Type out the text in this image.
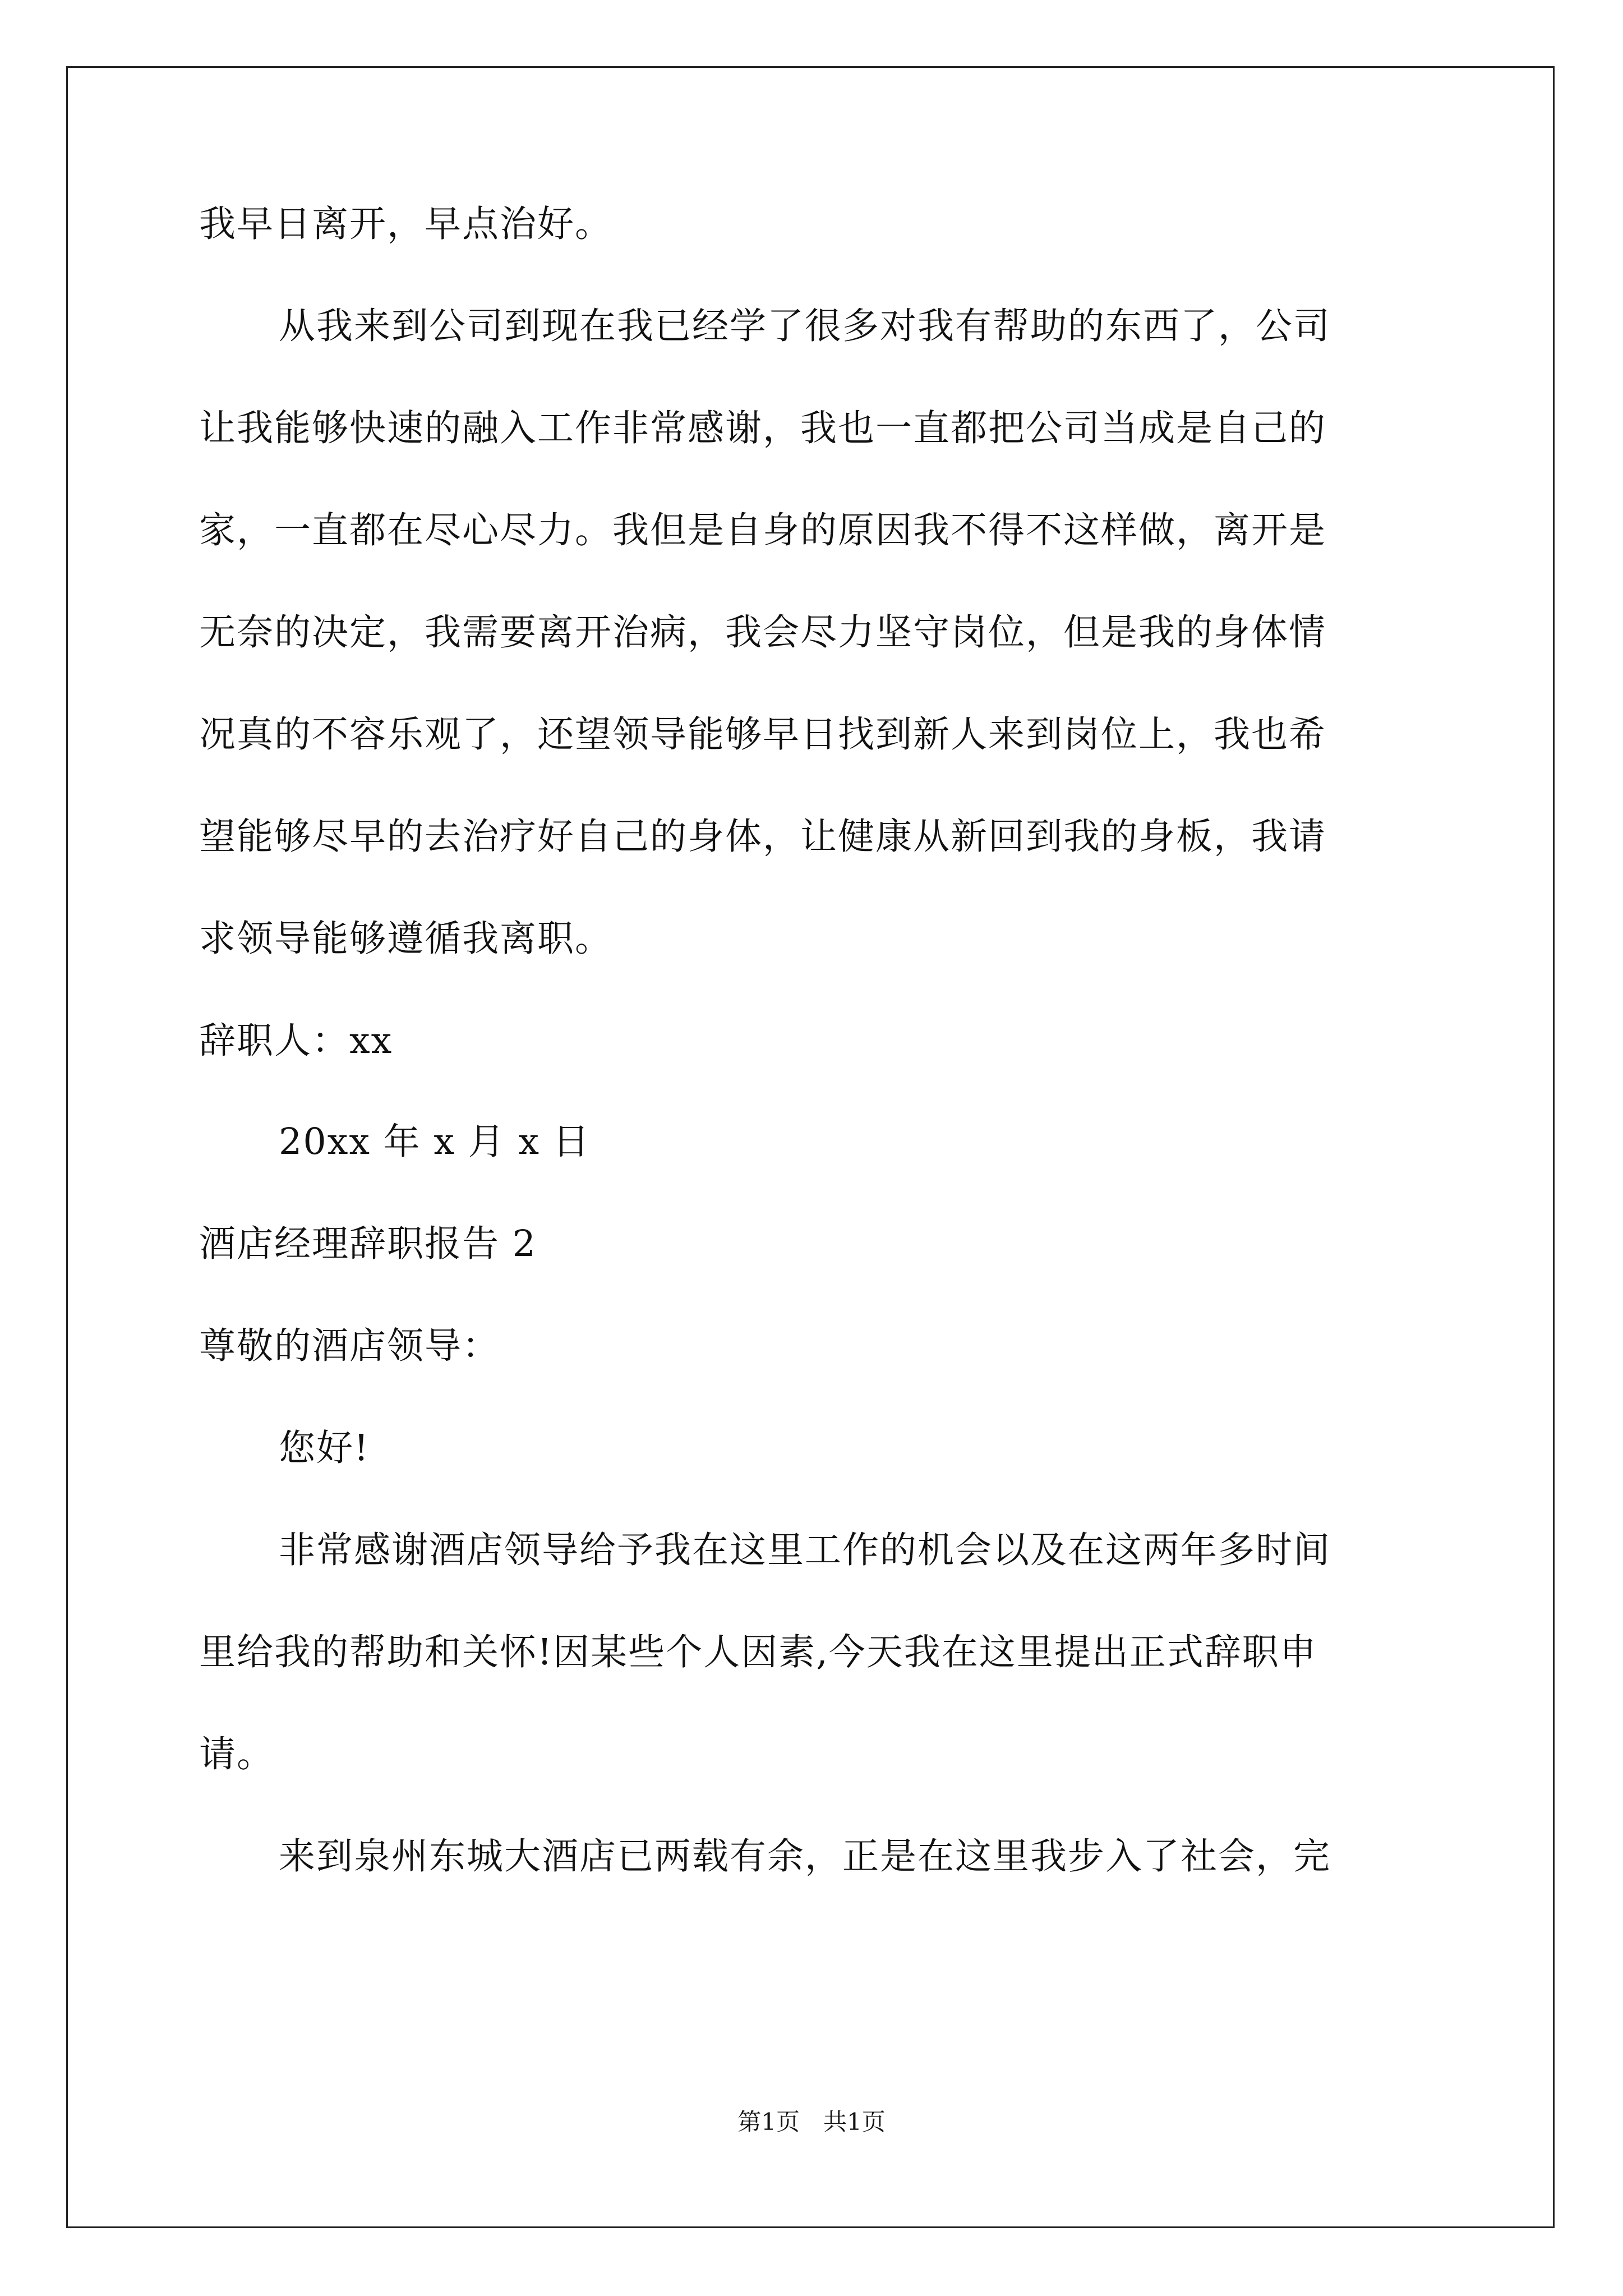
我早日离开，早点治好。
从我来到公司到现在我已经学了很多对我有帮助的东西了，公司
让我能够快速的融入工作非常感谢，我也一直都把公司当成是自己的
家，一直都在尽心尽力。我但是自身的原因我不得不这样做，离开是
无奈的决定，我需要离开治病，我会尽力坚守岗位，但是我的身体情
况真的不容乐观了，还望领导能够早日找到新人来到岗位上，我也希
望能够尽早的去治疗好自己的身体，让健康从新回到我的身板，我请
求领导能够遵循我离职。
辞职人：xx
20xx 年 x 月 x 日
酒店经理辞职报告 2
尊敬的酒店领导：
您好!
非常感谢酒店领导给予我在这里工作的机会以及在这两年多时间
里给我的帮助和关怀!因某些个人因素,今天我在这里提出正式辞职申
请。
来到泉州东城大酒店已两载有余，正是在这里我步入了社会，完
第1页　共1页
